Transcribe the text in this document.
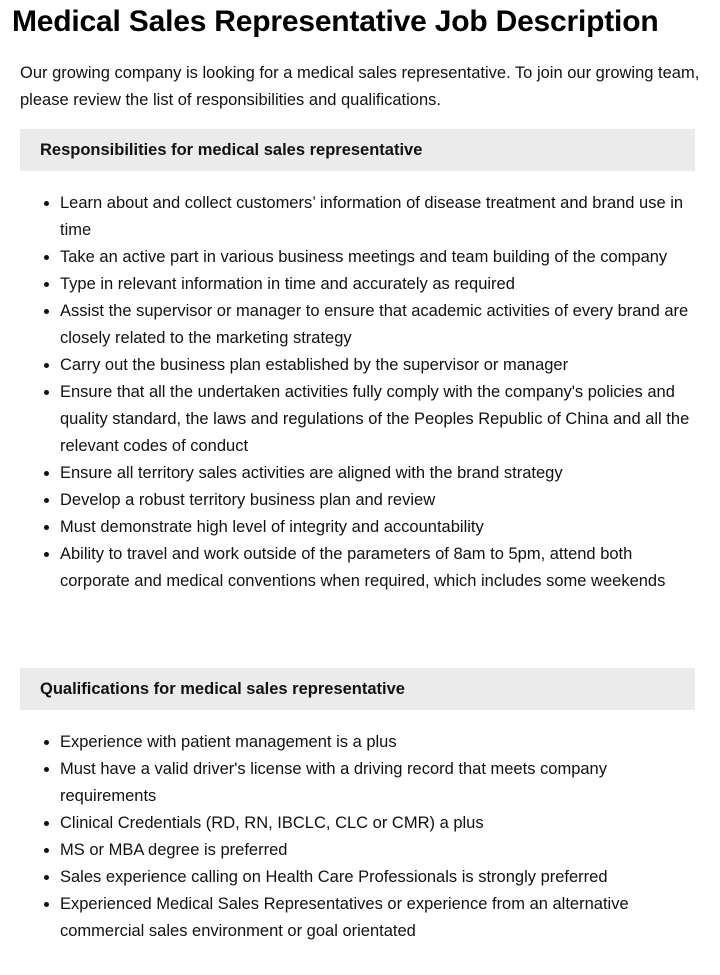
Medical Sales Representative Job Description

Our growing company is looking for a medical sales representative. To join our growing team, please review the list of responsibilities and qualifications.

Responsibilities for medical sales representative
• Learn about and collect customers’ information of disease treatment and brand use in time
• Take an active part in various business meetings and team building of the company
• Type in relevant information in time and accurately as required
• Assist the supervisor or manager to ensure that academic activities of every brand are closely related to the marketing strategy
• Carry out the business plan established by the supervisor or manager
• Ensure that all the undertaken activities fully comply with the company's policies and quality standard, the laws and regulations of the Peoples Republic of China and all the relevant codes of conduct
• Ensure all territory sales activities are aligned with the brand strategy
• Develop a robust territory business plan and review
• Must demonstrate high level of integrity and accountability
• Ability to travel and work outside of the parameters of 8am to 5pm, attend both corporate and medical conventions when required, which includes some weekends
Qualifications for medical sales representative
• Experience with patient management is a plus
• Must have a valid driver's license with a driving record that meets company requirements
• Clinical Credentials (RD, RN, IBCLC, CLC or CMR) a plus
• MS or MBA degree is preferred
• Sales experience calling on Health Care Professionals is strongly preferred
• Experienced Medical Sales Representatives or experience from an alternative commercial sales environment or goal orientated
